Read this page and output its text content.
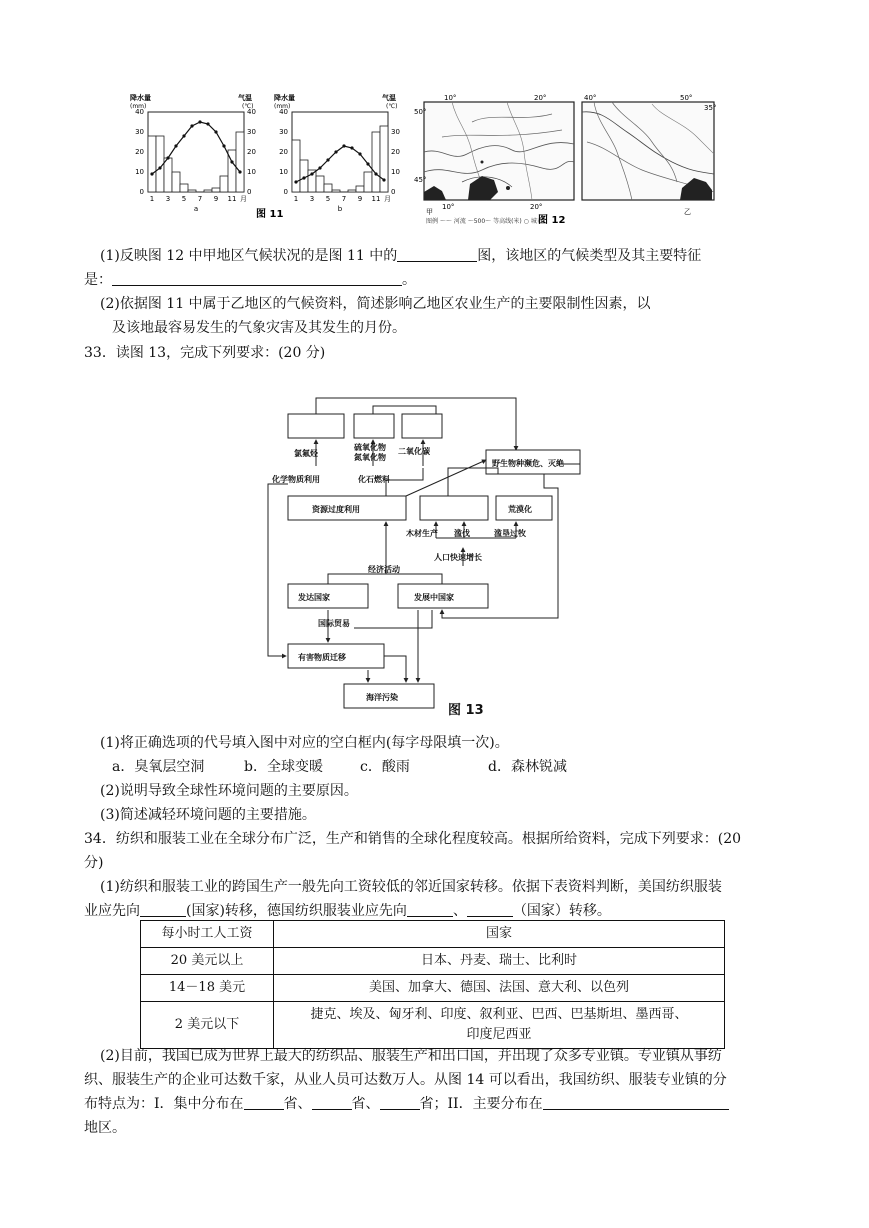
降水量
(mm)
气温
(℃)
40
30
20
10
0
40
30
20
10
0
1 3 5 7 9 11 月
a
降水量
(mm)
气温
(℃)
40
30
20
10
0
30
20
10
0
1 3 5 7 9 11 月
b
图 11
10°	20°
50°
45°
10°	20°
40°	50°
35°
图例 ～～ 河流 ～500～ 等高线(米) ○ 城市
甲	乙
图 12
(1)反映图 12 中甲地区气候状况的是图 11 中的	图，该地区的气候类型及其主要特征
是：	。
(2)依据图 11 中属于乙地区的气候资料，简述影响乙地区农业生产的主要限制性因素，以
及该地最容易发生的气象灾害及其发生的月份。
33．读图 13，完成下列要求：(20 分)
氯氟烃
硫氧化物氮氧化物
二氧化碳
野生物种濒危、灭绝
化学物质利用	化石燃料
资源过度利用	荒漠化
木材生产 滥伐	滥垦过牧
人口快速增长
经济活动
发达国家	发展中国家
国际贸易
有害物质迁移
海洋污染
图 13
(1)将正确选项的代号填入图中对应的空白框内(每字母限填一次)。
a．臭氧层空洞	b．全球变暖	c．酸雨	d．森林锐减
(2)说明导致全球性环境问题的主要原因。
(3)简述减轻环境问题的主要措施。
34．纺织和服装工业在全球分布广泛，生产和销售的全球化程度较高。根据所给资料，完成下列要求：(20
分)
(1)纺织和服装工业的跨国生产一般先向工资较低的邻近国家转移。依据下表资料判断，美国纺织服装
业应先向	(国家)转移，德国纺织服装业应先向	、	（国家）转移。
每小时工人工资	国家
20 美元以上	日本、丹麦、瑞士、比利时
14－18 美元	美国、加拿大、德国、法国、意大利、以色列
2 美元以下	捷克、埃及、匈牙利、印度、叙利亚、巴西、巴基斯坦、墨西哥、
印度尼西亚
(2)目前，我国已成为世界上最大的纺织品、服装生产和出口国，并出现了众多专业镇。专业镇从事纺
织、服装生产的企业可达数千家，从业人员可达数万人。从图 14 可以看出，我国纺织、服装专业镇的分
布特点为：I．集中分布在	省、	省、	省；II．主要分布在
地区。
